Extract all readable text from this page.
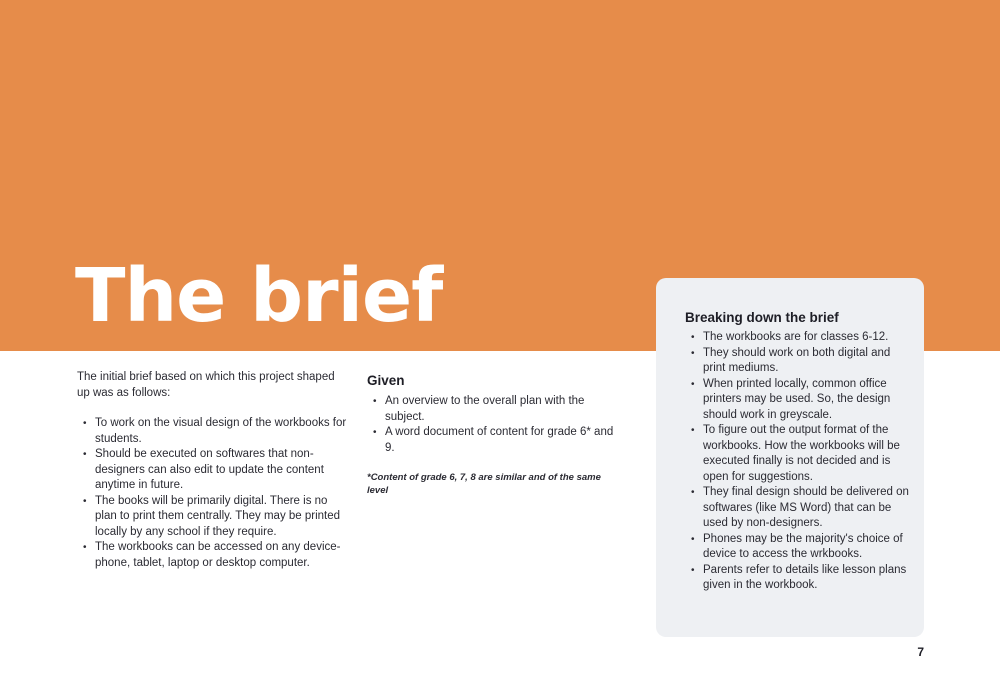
The brief

The initial brief based on which this project shaped up was as follows:

• To work on the visual design of the workbooks for students.
• Should be executed on softwares that non-designers can also edit to update the content anytime in future.
• The books will be primarily digital. There is no plan to print them centrally. They may be printed locally by any school if they require.
• The workbooks can be accessed on any device- phone, tablet, laptop or desktop computer.
Given
• An overview to the overall plan with the subject.
• A word document of content for grade 6* and 9.

*Content of grade 6, 7, 8 are similar and of the same level

Breaking down the brief
• The workbooks are for classes 6-12.
• They should work on both digital and print mediums.
• When printed locally, common office printers may be used. So, the design should work in greyscale.
• To figure out the output format of the workbooks. How the workbooks will be executed finally is not decided and is open for suggestions.
• They final design should be delivered on softwares (like MS Word) that can be used by non-designers.
• Phones may be the majority's choice of device to access the wrkbooks.
• Parents refer to details like lesson plans given in the workbook.
7
